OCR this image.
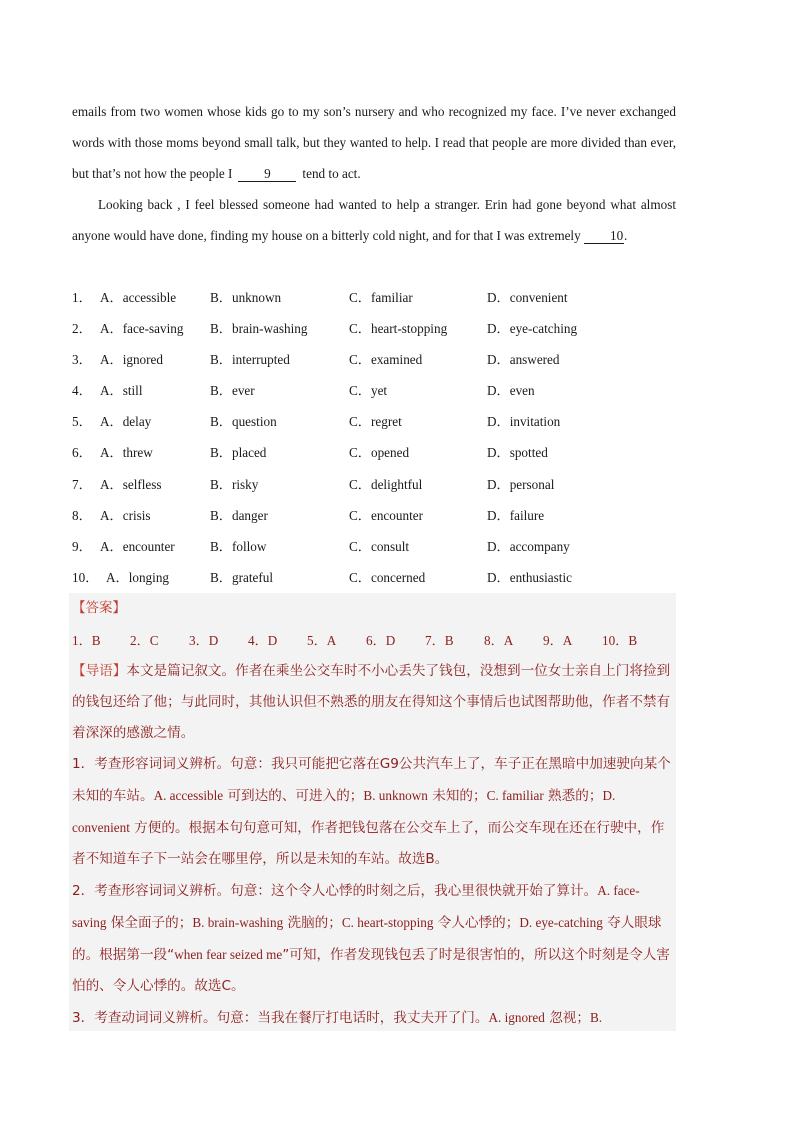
emails from two women whose kids go to my son’s nursery and who recognized my face. I’ve never exchanged words with those moms beyond small talk, but they wanted to help. I read that people are more divided than ever, but that’s not how the people I 9 tend to act.

Looking back , I feel blessed someone had wanted to help a stranger. Erin had gone beyond what almost anyone would have done, finding my house on a bitterly cold night, and for that I was extremely 10.

1． A．accessible	B．unknown	C．familiar	D．convenient
2． A．face-saving B．brain-washing	C．heart-stopping	D．eye-catching
3． A．ignored	B．interrupted	C．examined	D．answered
4． A．still	B．ever	C．yet	D．even
5． A．delay	B．question	C．regret	D．invitation
6． A．threw	B．placed	C．opened	D．spotted
7． A．selfless	B．risky	C．delightful	D．personal
8． A．crisis	B．danger	C．encounter	D．failure
9． A．encounter	B．follow	C．consult	D．accompany
10． A．longing	B．grateful	C．concerned	D．enthusiastic
【答案】
1．B 2．C 3．D 4．D 5．A 6．D 7．B 8．A 9．A 10．B

【导语】本文是篇记叙文。作者在乘坐公交车时不小心丢失了钱包，没想到一位女士亲自上门将捡到的钱包还给了他；与此同时，其他认识但不熟悉的朋友在得知这个事情后也试图帮助他，作者不禁有着深深的感激之情。

1．考查形容词词义辨析。句意：我只可能把它落在G9公共汽车上了，车子正在黑暗中加速驶向某个未知的车站。A. accessible 可到达的、可进入的；B. unknown 未知的；C. familiar 熟悉的；D. convenient 方便的。根据本句句意可知，作者把钱包落在公交车上了，而公交车现在还在行驶中，作者不知道车子下一站会在哪里停，所以是未知的车站。故选B。

2．考查形容词词义辨析。句意：这个令人心悸的时刻之后，我心里很快就开始了算计。A. face-saving 保全面子的；B. brain-washing 洗脑的；C. heart-stopping 令人心悸的；D. eye-catching 夺人眼球的。根据第一段“when fear seized me”可知，作者发现钱包丢了时是很害怕的，所以这个时刻是令人害怕的、令人心悸的。故选C。

3．考查动词词义辨析。句意：当我在餐厅打电话时，我丈夫开了门。A. ignored 忽视；B.
